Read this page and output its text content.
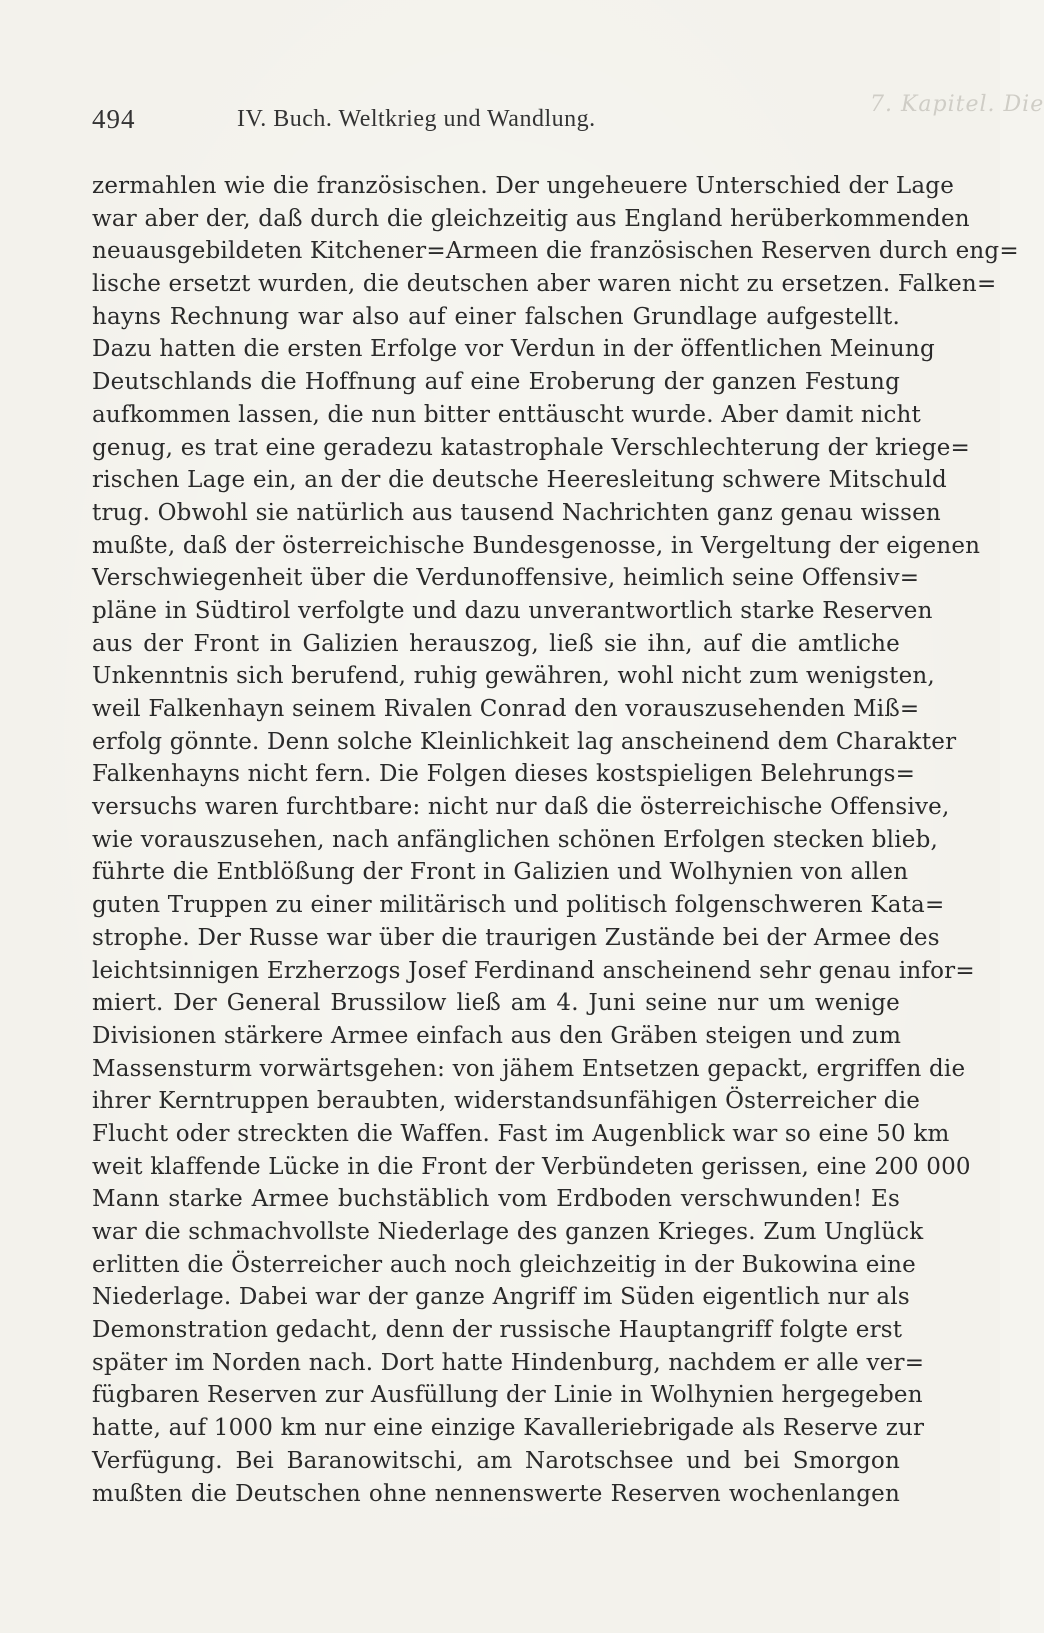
7. Kapitel. Die
494	IV. Buch. Weltkrieg und Wandlung.
zermahlen wie die französischen. Der ungeheuere Unterschied der Lage
war aber der, daß durch die gleichzeitig aus England herüberkommenden
neuausgebildeten Kitchener=Armeen die französischen Reserven durch eng=
lische ersetzt wurden, die deutschen aber waren nicht zu ersetzen. Falken=
hayns Rechnung war also auf einer falschen Grundlage aufgestellt.
Dazu hatten die ersten Erfolge vor Verdun in der öffentlichen Meinung
Deutschlands die Hoffnung auf eine Eroberung der ganzen Festung
aufkommen lassen, die nun bitter enttäuscht wurde. Aber damit nicht
genug, es trat eine geradezu katastrophale Verschlechterung der kriege=
rischen Lage ein, an der die deutsche Heeresleitung schwere Mitschuld
trug. Obwohl sie natürlich aus tausend Nachrichten ganz genau wissen
mußte, daß der österreichische Bundesgenosse, in Vergeltung der eigenen
Verschwiegenheit über die Verdunoffensive, heimlich seine Offensiv=
pläne in Südtirol verfolgte und dazu unverantwortlich starke Reserven
aus der Front in Galizien herauszog, ließ sie ihn, auf die amtliche
Unkenntnis sich berufend, ruhig gewähren, wohl nicht zum wenigsten,
weil Falkenhayn seinem Rivalen Conrad den vorauszusehenden Miß=
erfolg gönnte. Denn solche Kleinlichkeit lag anscheinend dem Charakter
Falkenhayns nicht fern. Die Folgen dieses kostspieligen Belehrungs=
versuchs waren furchtbare: nicht nur daß die österreichische Offensive,
wie vorauszusehen, nach anfänglichen schönen Erfolgen stecken blieb,
führte die Entblößung der Front in Galizien und Wolhynien von allen
guten Truppen zu einer militärisch und politisch folgenschweren Kata=
strophe. Der Russe war über die traurigen Zustände bei der Armee des
leichtsinnigen Erzherzogs Josef Ferdinand anscheinend sehr genau infor=
miert. Der General Brussilow ließ am 4. Juni seine nur um wenige
Divisionen stärkere Armee einfach aus den Gräben steigen und zum
Massensturm vorwärtsgehen: von jähem Entsetzen gepackt, ergriffen die
ihrer Kerntruppen beraubten, widerstandsunfähigen Österreicher die
Flucht oder streckten die Waffen. Fast im Augenblick war so eine 50 km
weit klaffende Lücke in die Front der Verbündeten gerissen, eine 200 000
Mann starke Armee buchstäblich vom Erdboden verschwunden! Es
war die schmachvollste Niederlage des ganzen Krieges. Zum Unglück
erlitten die Österreicher auch noch gleichzeitig in der Bukowina eine
Niederlage. Dabei war der ganze Angriff im Süden eigentlich nur als
Demonstration gedacht, denn der russische Hauptangriff folgte erst
später im Norden nach. Dort hatte Hindenburg, nachdem er alle ver=
fügbaren Reserven zur Ausfüllung der Linie in Wolhynien hergegeben
hatte, auf 1000 km nur eine einzige Kavalleriebrigade als Reserve zur
Verfügung. Bei Baranowitschi, am Narotschsee und bei Smorgon
mußten die Deutschen ohne nennenswerte Reserven wochenlangen
